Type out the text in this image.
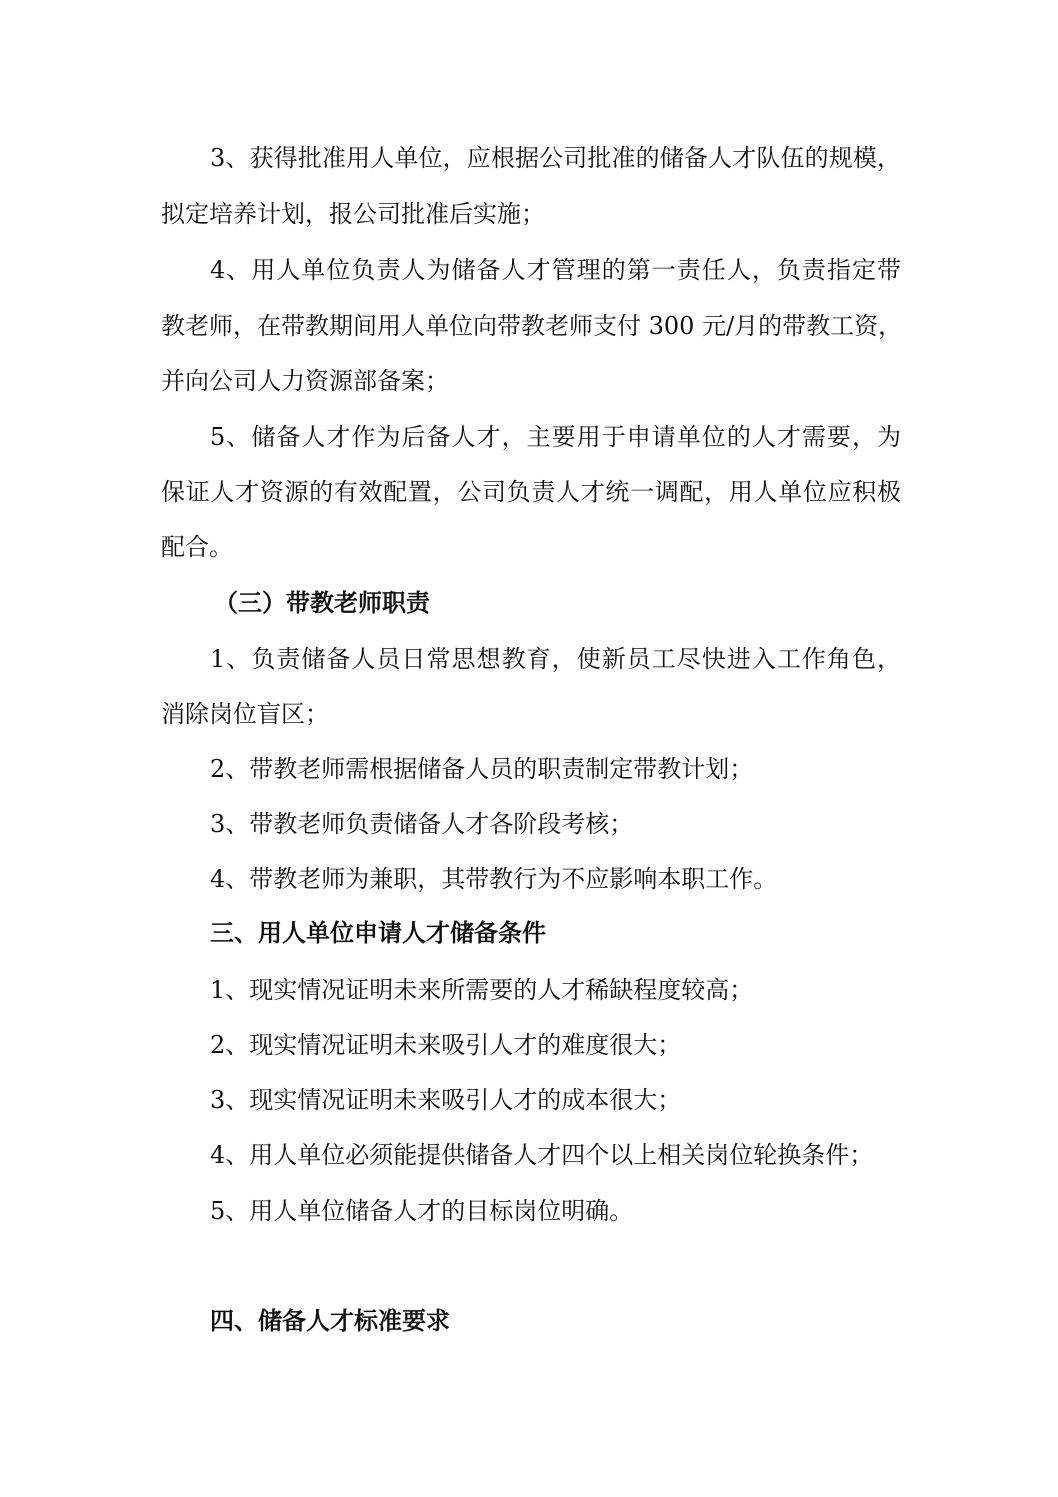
3、获得批准用人单位，应根据公司批准的储备人才队伍的规模，
拟定培养计划，报公司批准后实施；
4、用人单位负责人为储备人才管理的第一责任人，负责指定带
教老师，在带教期间用人单位向带教老师支付 300 元/月的带教工资，
并向公司人力资源部备案；
5、储备人才作为后备人才，主要用于申请单位的人才需要，为
保证人才资源的有效配置，公司负责人才统一调配，用人单位应积极
配合。
（三）带教老师职责
1、负责储备人员日常思想教育，使新员工尽快进入工作角色，
消除岗位盲区；
2、带教老师需根据储备人员的职责制定带教计划；
3、带教老师负责储备人才各阶段考核；
4、带教老师为兼职，其带教行为不应影响本职工作。
三、用人单位申请人才储备条件
1、现实情况证明未来所需要的人才稀缺程度较高；
2、现实情况证明未来吸引人才的难度很大；
3、现实情况证明未来吸引人才的成本很大；
4、用人单位必须能提供储备人才四个以上相关岗位轮换条件；
5、用人单位储备人才的目标岗位明确。
四、储备人才标准要求
